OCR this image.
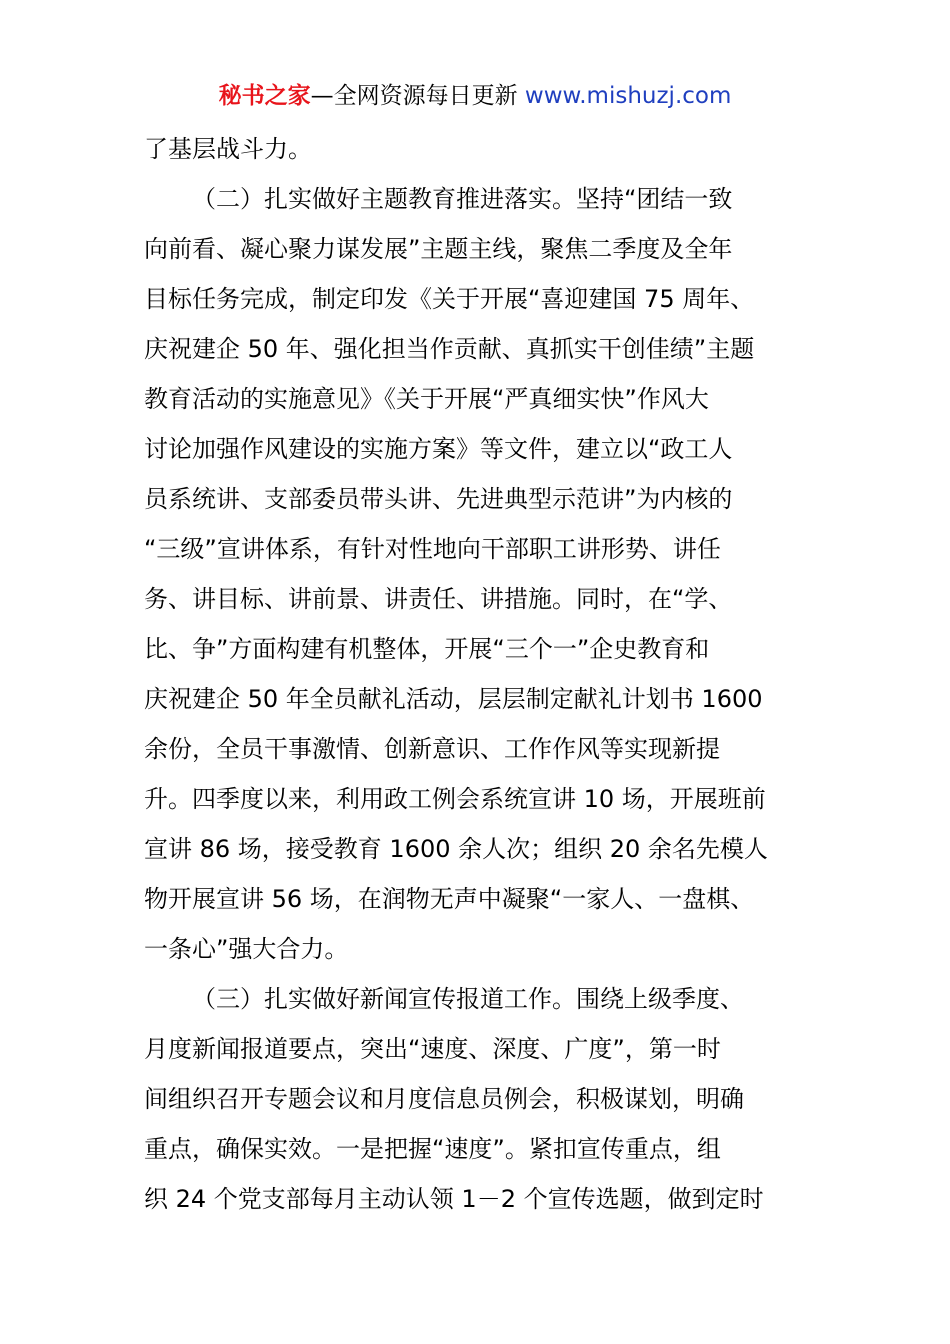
秘书之家—全网资源每日更新 www.mishuzj.com
了基层战斗力。
（二）扎实做好主题教育推进落实。坚持“团结一致
向前看、凝心聚力谋发展”主题主线，聚焦二季度及全年
目标任务完成，制定印发《关于开展“喜迎建国 75 周年、
庆祝建企 50 年、强化担当作贡献、真抓实干创佳绩”主题
教育活动的实施意见》《关于开展“严真细实快”作风大
讨论加强作风建设的实施方案》等文件，建立以“政工人
员系统讲、支部委员带头讲、先进典型示范讲”为内核的
“三级”宣讲体系，有针对性地向干部职工讲形势、讲任
务、讲目标、讲前景、讲责任、讲措施。同时，在“学、
比、争”方面构建有机整体，开展“三个一”企史教育和
庆祝建企 50 年全员献礼活动，层层制定献礼计划书 1600
余份，全员干事激情、创新意识、工作作风等实现新提
升。四季度以来，利用政工例会系统宣讲 10 场，开展班前
宣讲 86 场，接受教育 1600 余人次；组织 20 余名先模人
物开展宣讲 56 场，在润物无声中凝聚“一家人、一盘棋、
一条心”强大合力。
（三）扎实做好新闻宣传报道工作。围绕上级季度、
月度新闻报道要点，突出“速度、深度、广度”，第一时
间组织召开专题会议和月度信息员例会，积极谋划，明确
重点，确保实效。一是把握“速度”。紧扣宣传重点，组
织 24 个党支部每月主动认领 1－2 个宣传选题，做到定时
